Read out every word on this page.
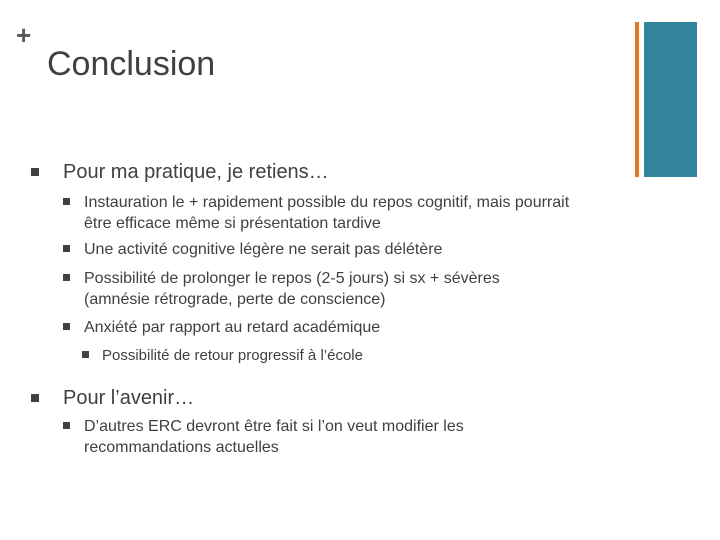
+
Conclusion
Pour ma pratique, je retiens…
Instauration le + rapidement possible du repos cognitif, mais pourrait
être efficace même si présentation tardive
Une activité cognitive légère ne serait pas délétère
Possibilité de prolonger le repos (2-5 jours) si sx + sévères
(amnésie rétrograde, perte de conscience)
Anxiété par rapport au retard académique
Possibilité de retour progressif à l’école
Pour l’avenir…
D’autres ERC devront être fait si l’on veut modifier les
recommandations actuelles
